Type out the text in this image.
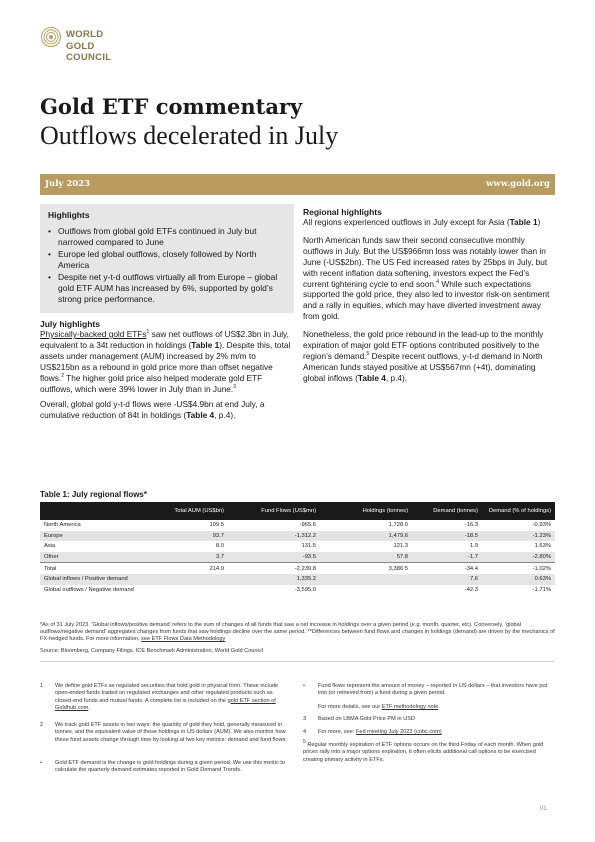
WORLD
GOLD
COUNCIL
Gold ETF commentary
Outflows decelerated in July
July 2023	www.gold.org
Highlights
• Outflows from global gold ETFs continued in July but narrowed compared to June
• Europe led global outflows, closely followed by North America
• Despite net y-t-d outflows virtually all from Europe – global gold ETF AUM has increased by 6%, supported by gold’s strong price performance.
July highlights

Physically-backed gold ETFs$^1$ saw net outflows of US$2.3bn in July, equivalent to a 34t reduction in holdings (Table 1). Despite this, total assets under management (AUM) increased by 2% m/m to US$215bn as a rebound in gold price more than offset negative flows.$^2$ The higher gold price also helped moderate gold ETF outflows, which were 39% lower in July than in June.$^3$

Overall, global gold y-t-d flows were -US$4.9bn at end July, a cumulative reduction of 84t in holdings (Table 4, p.4).

Regional highlights

All regions experienced outflows in July except for Asia (Table 1)

North American funds saw their second consecutive monthly outflows in July. But the US$966mn loss was notably lower than in June (-US$2bn). The US Fed increased rates by 25bps in July, but with recent inflation data softening, investors expect the Fed’s current tightening cycle to end soon.$^4$ While such expectations supported the gold price, they also led to investor risk-on sentiment and a rally in equities, which may have diverted investment away from gold.

Nonetheless, the gold price rebound in the lead-up to the monthly expiration of major gold ETF options contributed positively to the region’s demand.$^5$ Despite recent outflows, y-t-d demand in North American funds stayed positive at US$567mn (+4t), dominating global inflows (Table 4, p.4).

Table 1: July regional flows*
	Total AUM (US$bn)	Fund Flows (US$mn)	Holdings (tonnes)	Demand (tonnes)	Demand (% of holdings)
North America	109.5	-965.6	1,728.0	-16.3	-0.93%
Europe	93.7	-1,312.2	1,479.6	-18.5	-1.23%
Asia	8.0	131.5	121.3	1.9	1.63%
Other	3.7	-93.5	57.8	-1.7	-2.80%
Total	214.9	-2,239.8	3,386.5	-34.4	-1.02%
Global inflows / Positive demand		1,335.2		7.6	0.63%
Global outflows / Negative demand		-3,595.0		-42.3	-1.71%
*As of 31 July 2023. ‘Global inflows/positive demand’ refers to the sum of changes of all funds that saw a net increase in holdings over a given period (e.g. month, quarter, etc). Conversely, ‘global outflows/negative demand’ aggregates changes from funds that saw holdings decline over the same period. **Differences between fund flows and changes in holdings (demand) are driven by the mechanics of FX-hedged funds. For more information, see ETF Flows Data Methodology
Source: Bloomberg, Company Filings, ICE Benchmark Administration, World Gold Council
1 We define gold ETFs as regulated securities that hold gold in physical form. These include open-ended funds traded on regulated exchanges and other regulated products such as closed-end funds and mutual funds. A complete list is included on the gold ETF section of Goldhub.com.
2 We track gold ETF assets in two ways: the quantity of gold they hold, generally measured in tonnes, and the equivalent value of those holdings in US dollars (AUM). We also monitor how these fund assets change through time by looking at two key metrics: demand and fund flows:
• Gold ETF demand is the change in gold holdings during a given period. We use this metric to calculate the quarterly demand estimates reported in Gold Demand Trends.
• Fund flows represent the amount of money – reported in US dollars – that investors have put into (or retrieved from) a fund during a given period.
For more details, see our ETF methodology note.
3 Based on LBMA Gold Price PM in USD
4 For more, see: Fed meeting July 2023 (cnbc.com)
$^5$ Regular monthly expiration of ETF options occurs on the third Friday of each month. When gold prices rally into a major options expiration, it often elicits additional call options to be exercised creating primary activity in ETFs.
01
